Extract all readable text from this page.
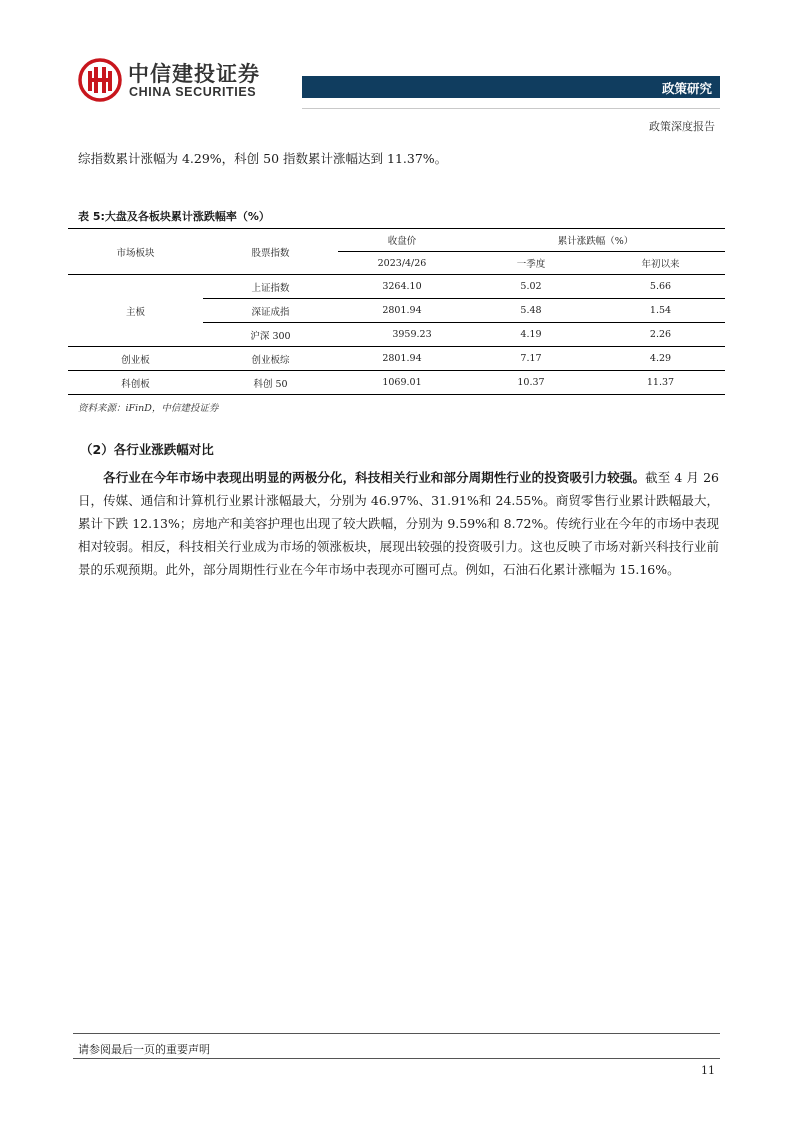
中信建投证券
CHINA SECURITIES	政策研究
政策深度报告
综指数累计涨幅为 4.29%，科创 50 指数累计涨幅达到 11.37%。
表 5:大盘及各板块累计涨跌幅率（%）
市场板块	股票指数	收盘价	累计涨跌幅（%）	
		2023/4/26	一季度	年初以来
主板	上证指数	3264.10	5.02	5.66
	深证成指	2801.94	5.48	1.54
	沪深 300	3959.23	4.19	2.26
创业板	创业板综	2801.94	7.17	4.29
科创板	科创 50	1069.01	10.37	11.37
资料来源：iFinD，中信建投证券
（2）各行业涨跌幅对比
各行业在今年市场中表现出明显的两极分化，科技相关行业和部分周期性行业的投资吸引力较强。截至 4 月 26 日，传媒、通信和计算机行业累计涨幅最大，分别为 46.97%、31.91%和 24.55%。商贸零售行业累计跌幅最大，累计下跌 12.13%；房地产和美容护理也出现了较大跌幅，分别为 9.59%和 8.72%。传统行业在今年的市场中表现相对较弱。相反，科技相关行业成为市场的领涨板块，展现出较强的投资吸引力。这也反映了市场对新兴科技行业前景的乐观预期。此外，部分周期性行业在今年市场中表现亦可圈可点。例如，石油石化累计涨幅为 15.16%。
请参阅最后一页的重要声明
11
